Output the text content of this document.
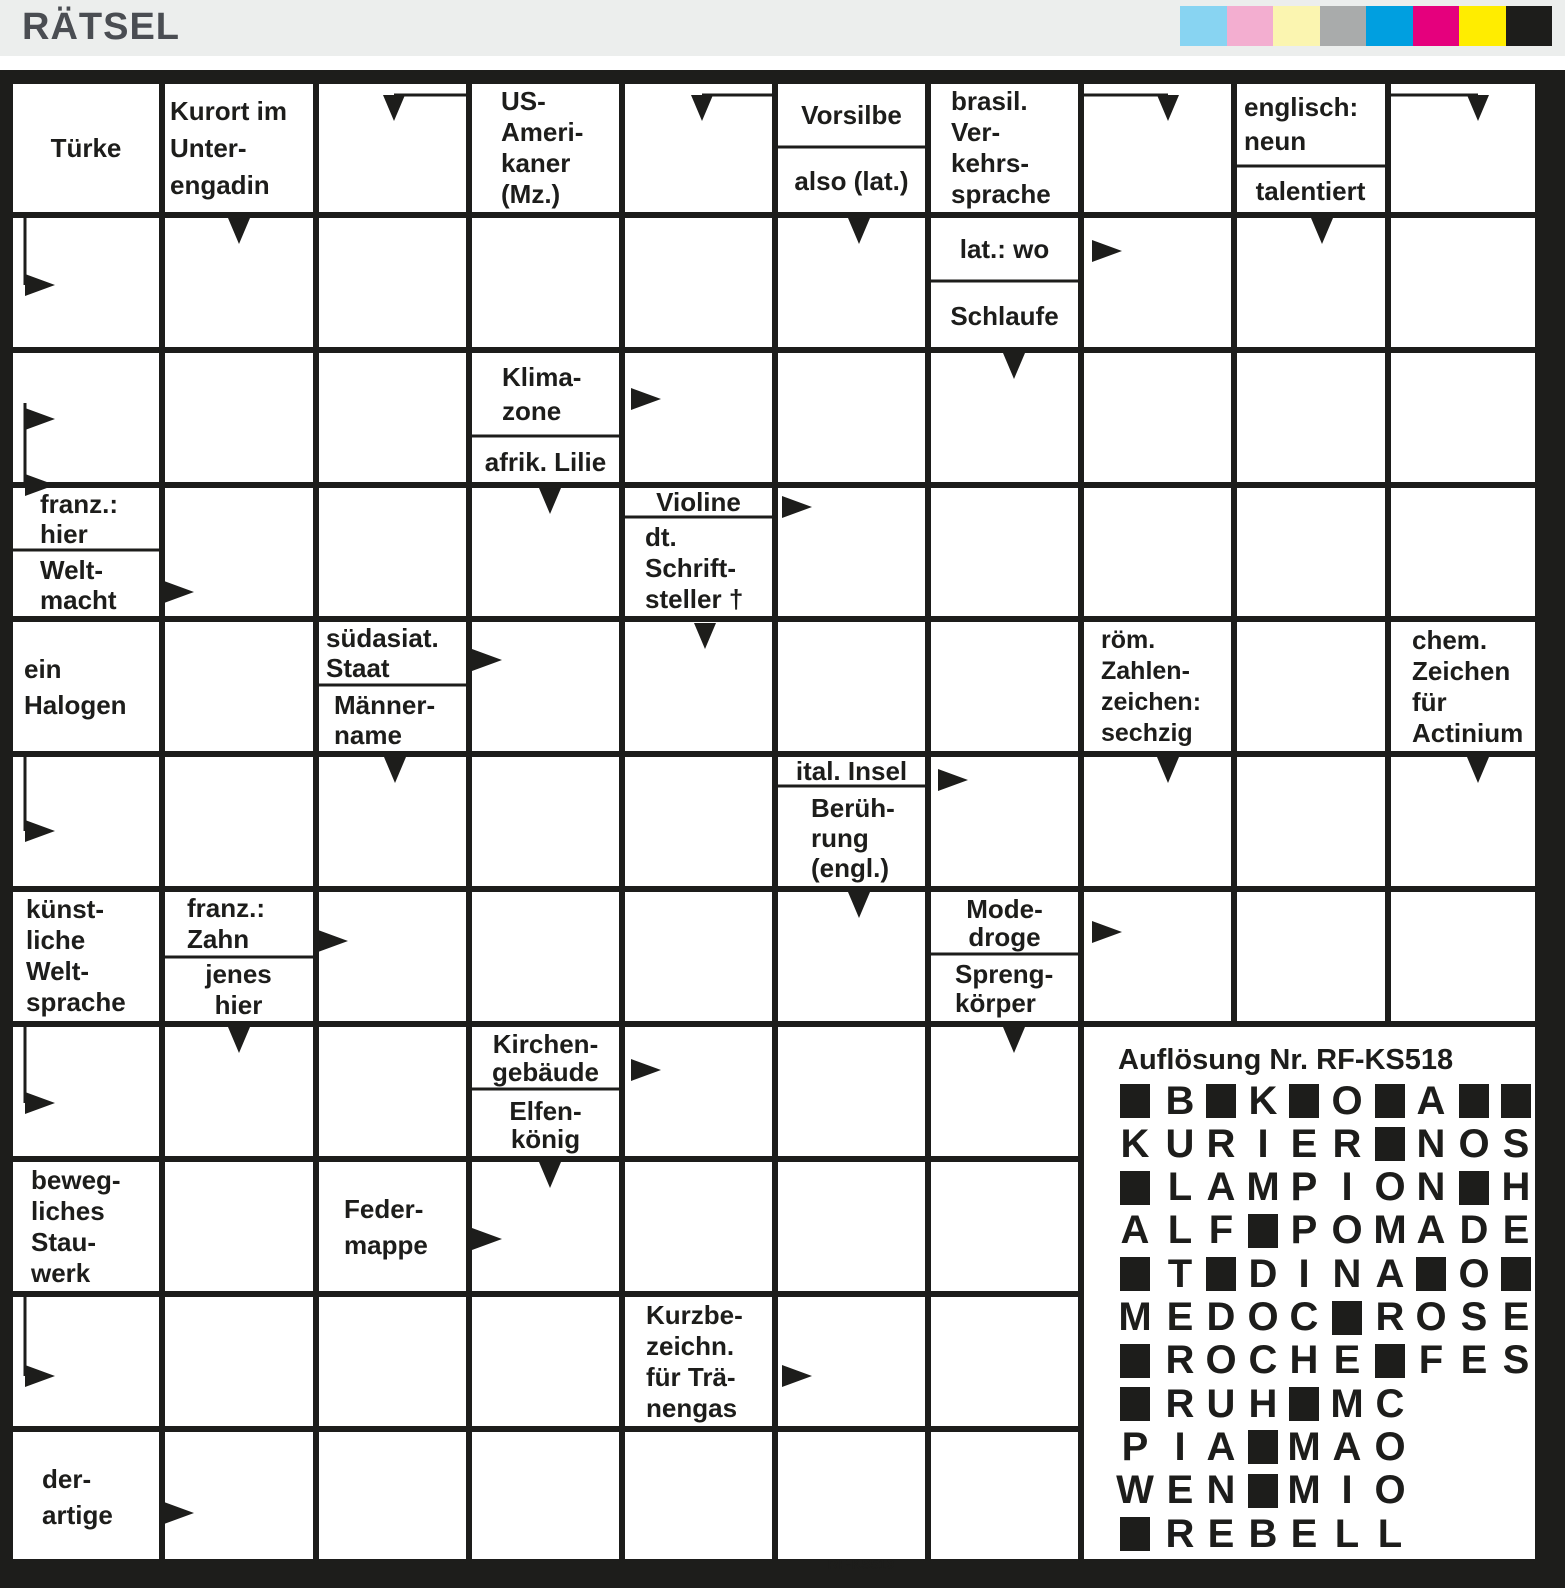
RÄTSEL
Türke
Kurort im
Unter-
engadin
US-
Ameri-
kaner
(Mz.)
Vorsilbe
also (lat.)
brasil.
Ver-
kehrs-
sprache
englisch:
neun
talentiert
lat.: wo
Schlaufe
Klima-
zone
afrik. Lilie
franz.:
hier
Welt-
macht
Violine
dt.
Schrift-
steller †
ein
Halogen
südasiat.
Staat
Männer-
name
röm.
Zahlen-
zeichen:
sechzig
chem.
Zeichen
für
Actinium
ital. Insel
Berüh-
rung
(engl.)
künst-
liche
Welt-
sprache
franz.:
Zahn
jenes
hier
Mode-
droge
Spreng-
körper
Kirchen-
gebäude
Elfen-
könig
beweg-
liches
Stau-
werk
Feder-
mappe
Kurzbe-
zeichn.
für Trä-
nengas
der-
artige
Auflösung Nr. RF-KS518
B K O A
K U R I E R N O S
L A M P I O N H
A L F P O M A D E
T D I N A O
M E D O C R O S E
R O C H E F E S
R U H M C
P I A M A O
W E N M I O
R E B E L L
RF-KS519
